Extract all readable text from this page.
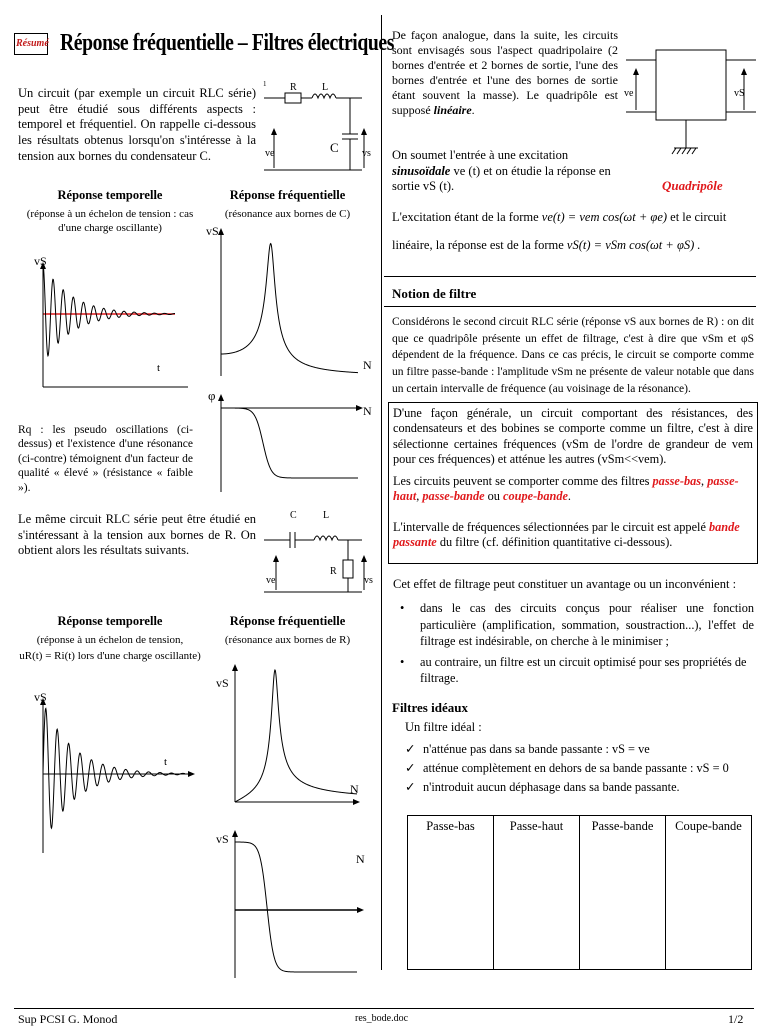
Résumé Réponse fréquentielle – Filtres électriques
Un circuit (par exemple un circuit RLC série) peut être étudié sous différents aspects : temporel et fréquentiel. On rappelle ci-dessous les résultats obtenus lorsqu'on s'intéresse à la tension aux bornes du condensateur C.
1 R	L
C
ve	vs
Réponse temporelle
(réponse à un échelon de tension : cas d'une charge oscillante)
Réponse fréquentielle
(résonance aux bornes de C)
vS
t
vS
N
φ
N
Rq : les pseudo oscillations (ci-dessus) et l'existence d'une résonance (ci-contre) témoignent d'un facteur de qualité « élevé » (résistance « faible »).
Le même circuit RLC série peut être étudié en s'intéressant à la tension aux bornes de R. On obtient alors les résultats suivants.
C	L
R
ve	vs
Réponse temporelle
(réponse à un échelon de tension,
uR(t) = Ri(t) lors d'une charge oscillante)
Réponse fréquentielle
(résonance aux bornes de R)
vS
t
vS
N
vS
N
De façon analogue, dans la suite, les circuits sont envisagés sous l'aspect quadripolaire (2 bornes d'entrée et 2 bornes de sortie, l'une des bornes d'entrée et l'une des bornes de sortie étant souvent la masse). Le quadripôle est supposé linéaire.
ve	vS
Quadripôle
On soumet l'entrée à une excitation sinusoïdale ve (t) et on étudie la réponse en sortie vS (t).
L'excitation étant de la forme ve(t) = vem cos(ωt + φe) et le circuit linéaire, la réponse est de la forme vS(t) = vSm cos(ωt + φS) .
Notion de filtre
Considérons le second circuit RLC série (réponse vS aux bornes de R) : on dit que ce quadripôle présente un effet de filtrage, c'est à dire que vSm et φS dépendent de la fréquence. Dans ce cas précis, le circuit se comporte comme un filtre passe-bande : l'amplitude vSm ne présente de valeur notable que dans un certain intervalle de fréquence (au voisinage de la résonance).
D'une façon générale, un circuit comportant des résistances, des condensateurs et des bobines se comporte comme un filtre, c'est à dire sélectionne certaines fréquences (vSm de l'ordre de grandeur de vem pour ces fréquences) et atténue les autres (vSm<<vem).
Les circuits peuvent se comporter comme des filtres passe-bas, passe-haut, passe-bande ou coupe-bande.
L'intervalle de fréquences sélectionnées par le circuit est appelé bande passante du filtre (cf. définition quantitative ci-dessous).
Cet effet de filtrage peut constituer un avantage ou un inconvénient :
• dans le cas des circuits conçus pour réaliser une fonction particulière (amplification, sommation, soustraction...), l'effet de filtrage est indésirable, on cherche à le minimiser ;
• au contraire, un filtre est un circuit optimisé pour ses propriétés de filtrage.
Filtres idéaux
Un filtre idéal :
✓ n'atténue pas dans sa bande passante : vS = ve
✓ atténue complètement en dehors de sa bande passante : vS = 0
✓ n'introduit aucun déphasage dans sa bande passante.
Passe-bas	Passe-haut	Passe-bande	Coupe-bande
Sup PCSI G. Monod	res_bode.doc	1/2
